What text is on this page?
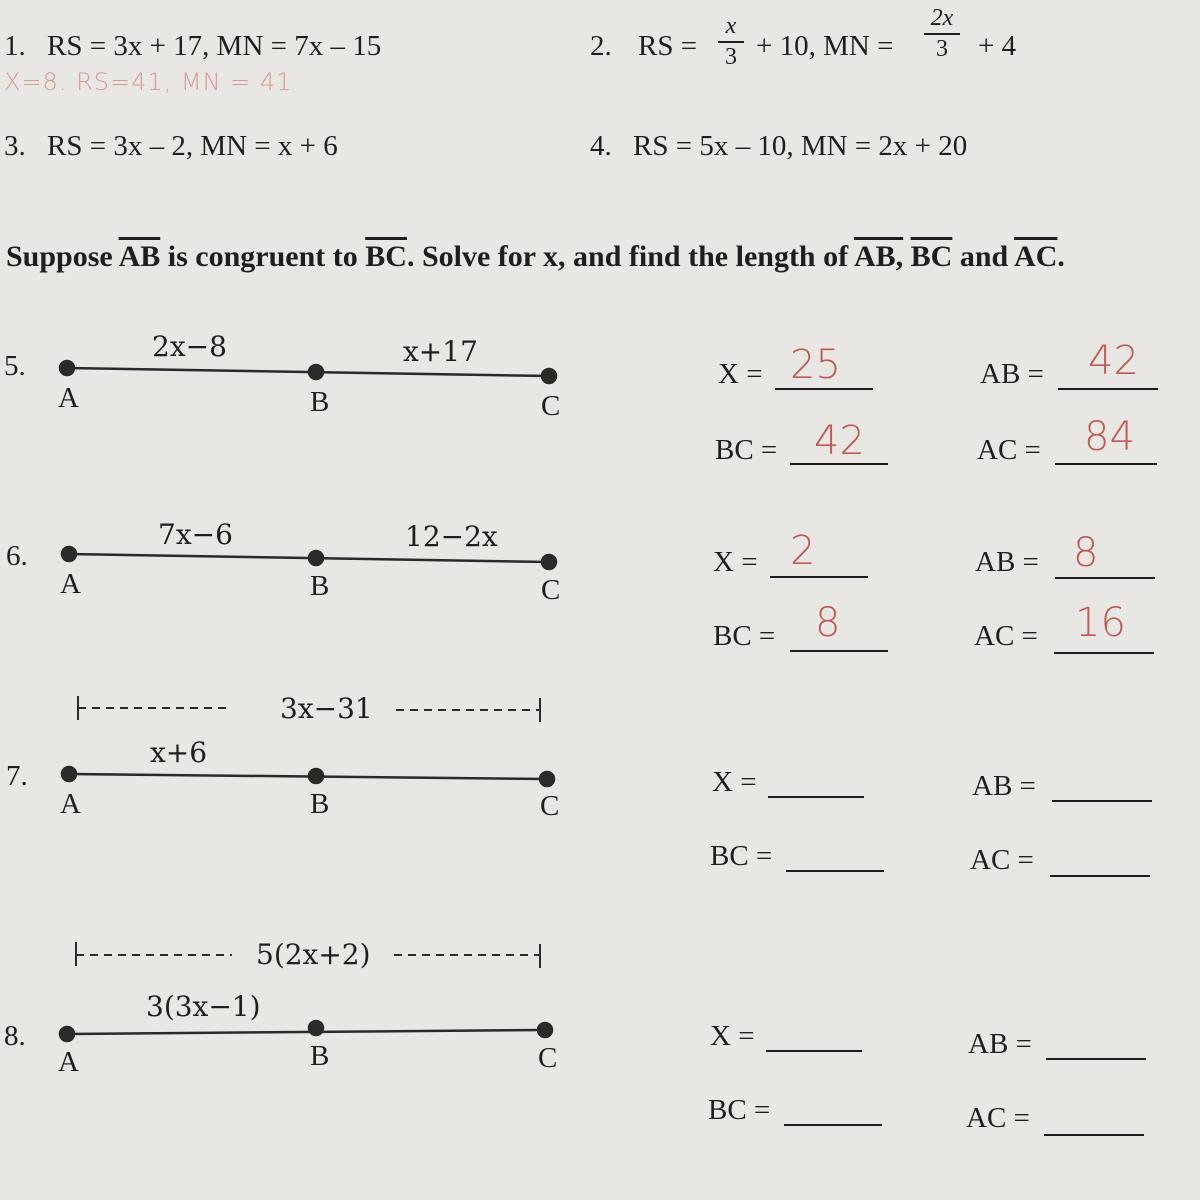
1. RS = 3x + 17, MN = 7x – 15
X=8. RS=41, MN = 41
2. RS =
x
3 + 10, MN =
2x
3 + 4
3. RS = 3x – 2, MN = x + 6	4. RS = 5x – 10, MN = 2x + 20
Suppose $\overline{AB}$ is congruent to $\overline{BC}$. Solve for x, and find the length of AB, $\overline{BC}$ and $\overline{AC}$.
5.
2x−8	x+17
A	B	C
X = 25	AB = 42
BC = 42	AC = 84
6.
7x−6	12−2x
A	B	C
X = 2	AB = 8
BC = 8	AC = 16
3x−31
7.
x+6
A	B	C
X =	AB =
BC =	AC =
5(2x+2)
8.
3(3x−1)
A	B	C
X =	AB =
BC =	AC =
